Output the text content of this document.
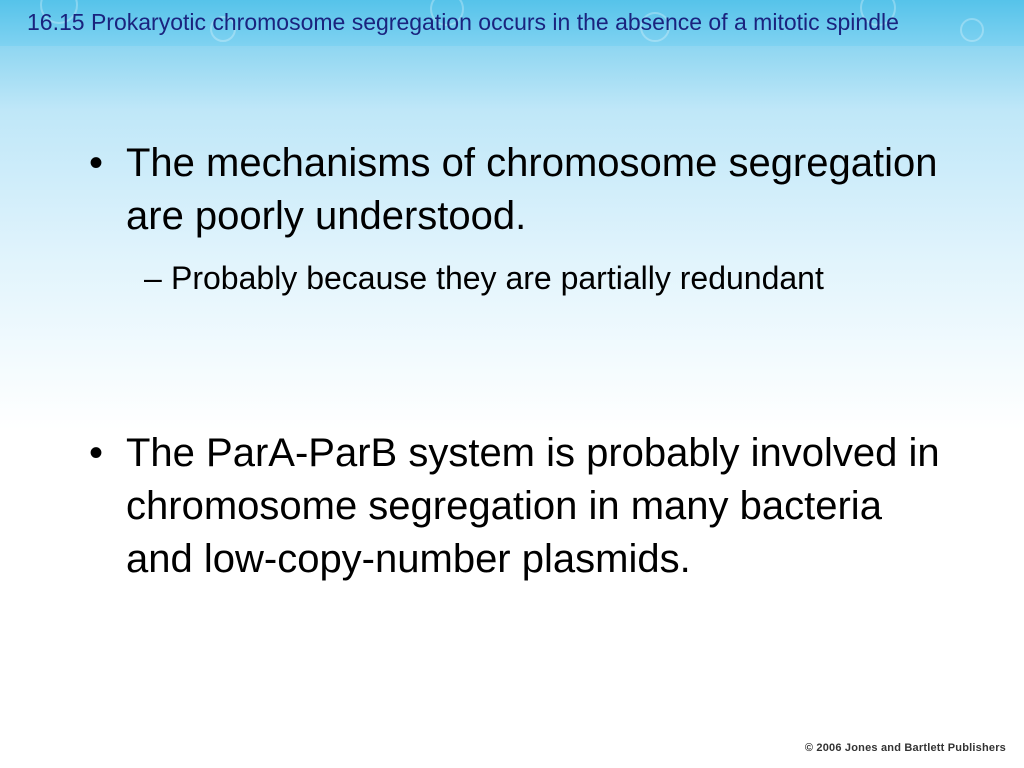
16.15 Prokaryotic chromosome segregation occurs in the absence of a mitotic spindle
• The mechanisms of chromosome segregation are poorly understood.
– Probably because they are partially redundant
• The ParA-ParB system is probably involved in chromosome segregation in many bacteria and low-copy-number plasmids.
© 2006 Jones and Bartlett Publishers
